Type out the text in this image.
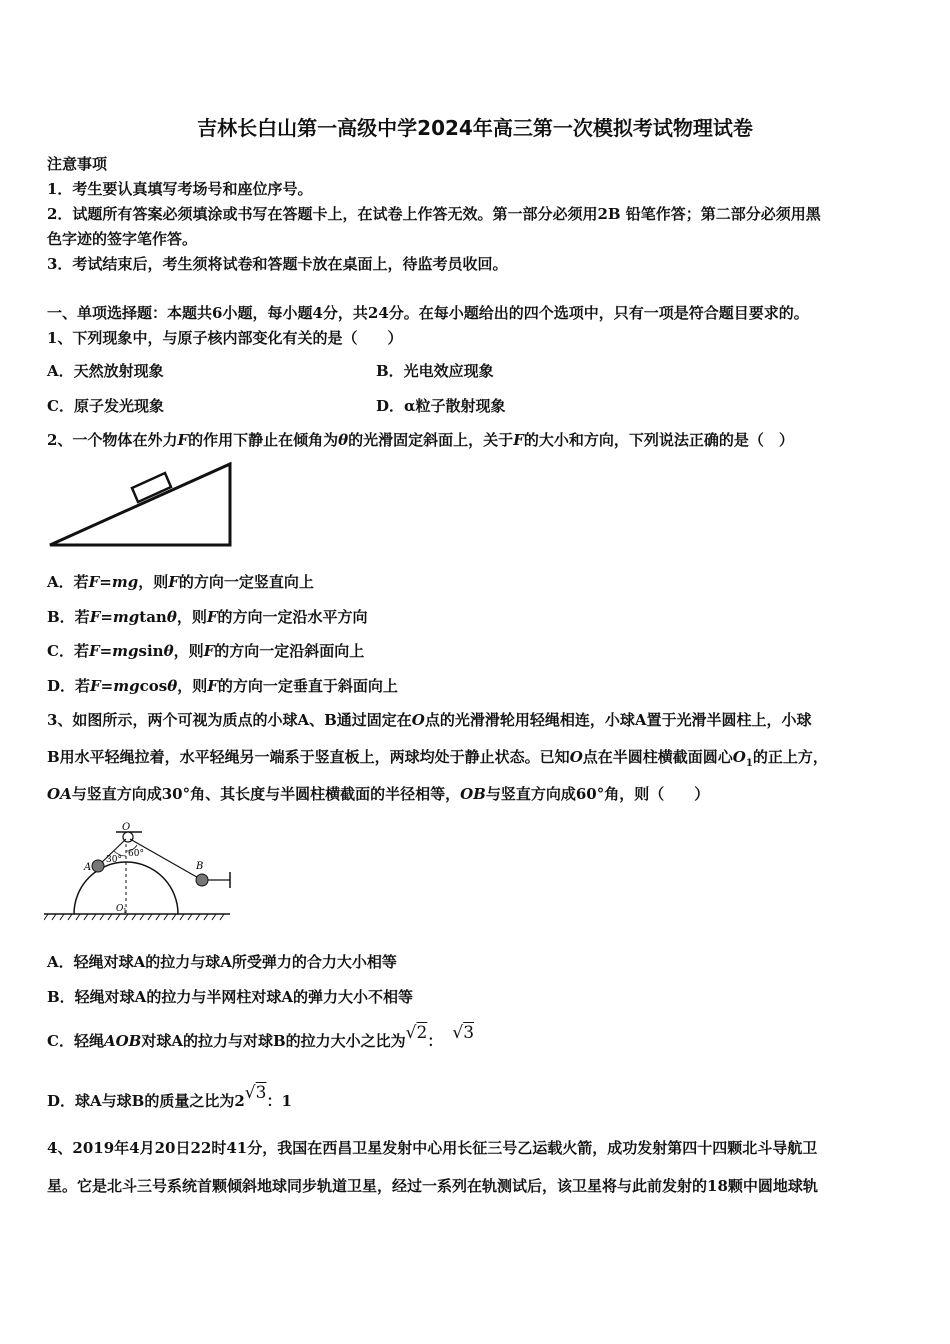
吉林长白山第一高级中学2024年高三第一次模拟考试物理试卷
注意事项
1．考生要认真填写考场号和座位序号。
2．试题所有答案必须填涂或书写在答题卡上，在试卷上作答无效。第一部分必须用2B 铅笔作答；第二部分必须用黑
色字迹的签字笔作答。
3．考试结束后，考生须将试卷和答题卡放在桌面上，待监考员收回。
一、单项选择题：本题共6小题，每小题4分，共24分。在每小题给出的四个选项中，只有一项是符合题目要求的。
1、下列现象中，与原子核内部变化有关的是（　　）
A．天然放射现象	B．光电效应现象
C．原子发光现象	D．α粒子散射现象
2、一个物体在外力F的作用下静止在倾角为θ的光滑固定斜面上，关于F的大小和方向，下列说法正确的是（　）
A．若F=mg，则F的方向一定竖直向上
B．若F=mgtanθ，则F的方向一定沿水平方向
C．若F=mgsinθ，则F的方向一定沿斜面向上
D．若F=mgcosθ，则F的方向一定垂直于斜面向上
3、如图所示，两个可视为质点的小球A、B通过固定在O点的光滑滑轮用轻绳相连，小球A置于光滑半圆柱上，小球
B用水平轻绳拉着，水平轻绳另一端系于竖直板上，两球均处于静止状态。已知O点在半圆柱横截面圆心$O_1$的正上方，
OA与竖直方向成30°角、其长度与半圆柱横截面的半径相等，OB与竖直方向成60°角，则（　　）
O
A	B
30°
60°
O 1
A．轻绳对球A的拉力与球A所受弹力的合力大小相等
B．轻绳对球A的拉力与半网柱对球A的弹力大小不相等
C．轻绳AOB对球A的拉力与对球B的拉力大小之比为√2： √3
D．球A与球B的质量之比为2√3：1
4、2019年4月20日22时41分，我国在西昌卫星发射中心用长征三号乙运载火箭，成功发射第四十四颗北斗导航卫
星。它是北斗三号系统首颗倾斜地球同步轨道卫星，经过一系列在轨测试后，该卫星将与此前发射的18颗中圆地球轨
